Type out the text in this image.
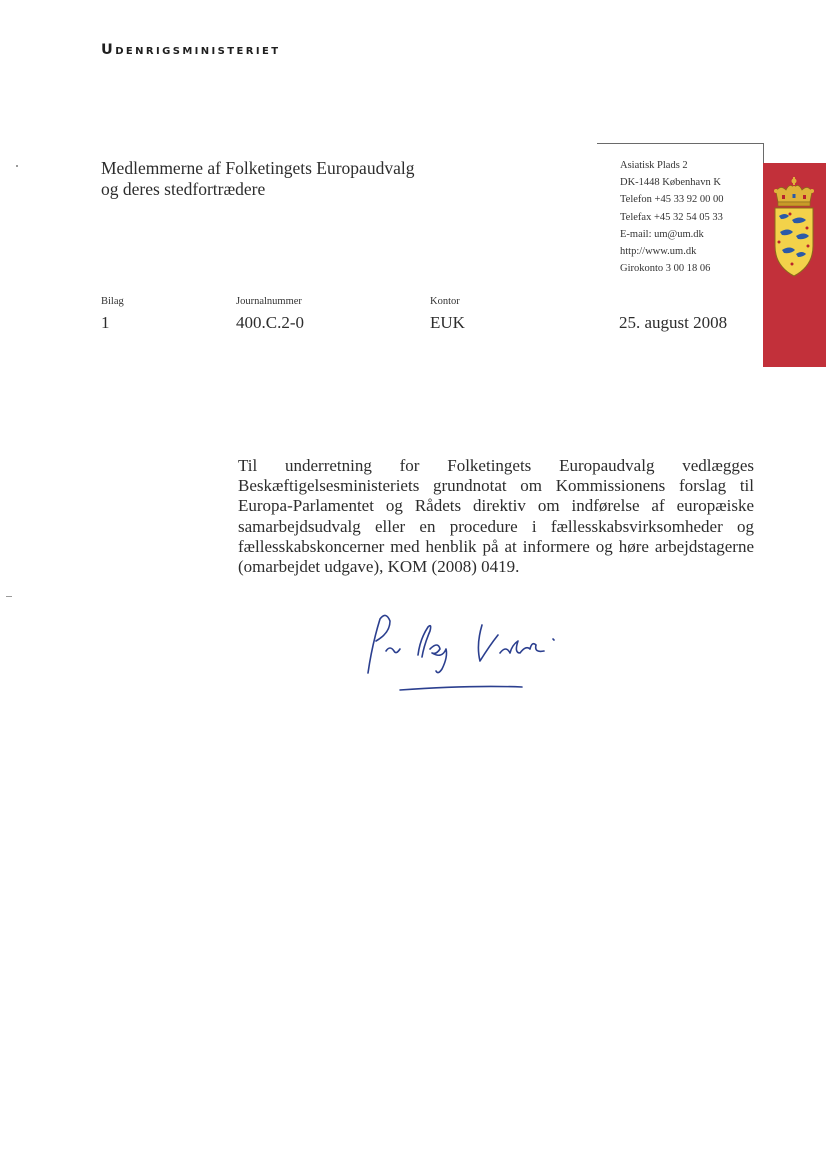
Udenrigsministeriet
Medlemmerne af Folketingets Europaudvalg
og deres stedfortrædere
Asiatisk Plads 2
DK-1448 København K
Telefon +45 33 92 00 00
Telefax +45 32 54 05 33
E-mail: um@um.dk
http://www.um.dk
Girokonto 3 00 18 06
Bilag
1
Journalnummer
400.C.2-0
Kontor
EUK	25. august 2008
Til underretning for Folketingets Europaudvalg vedlægges Beskæftigelsesministeriets grundnotat om Kommissionens forslag til Europa-Parlamentet og Rådets direktiv om indførelse af europæiske samarbejdsudvalg eller en procedure i fællesskabsvirksomheder og fællesskabskoncerner med henblik på at informere og høre arbejdstagerne (omarbejdet udgave), KOM (2008) 0419.
